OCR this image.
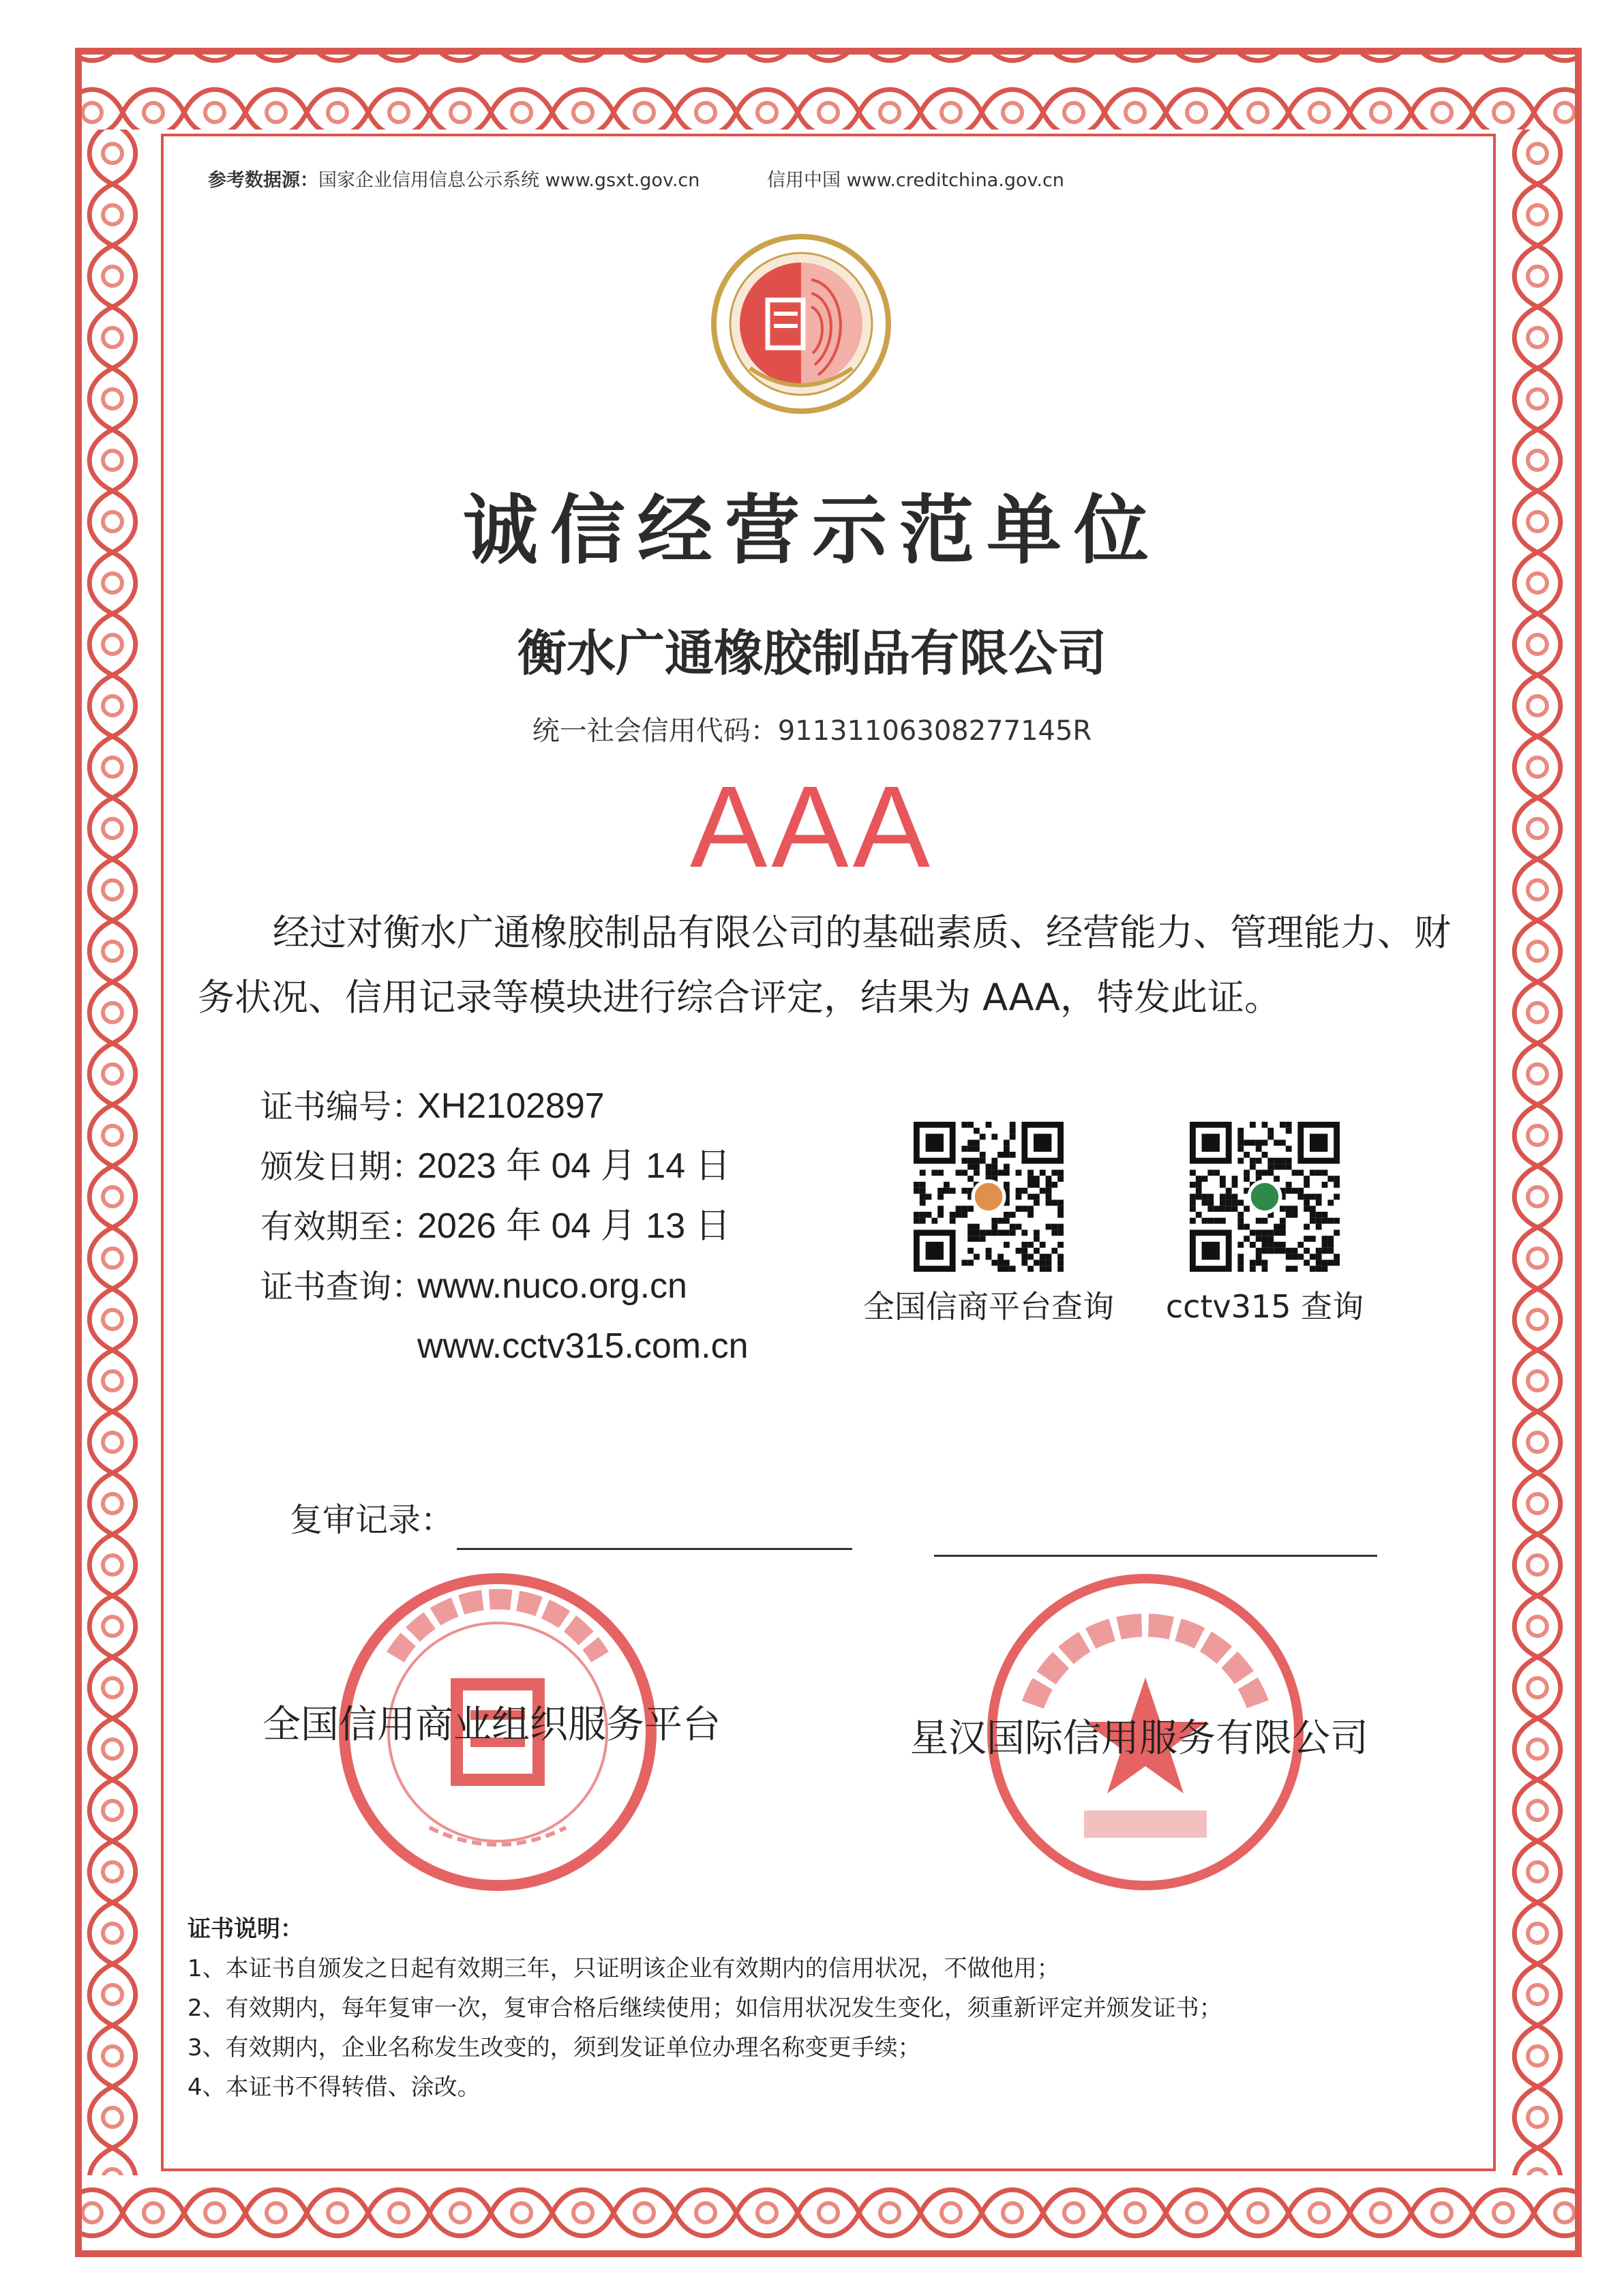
参考数据源：国家企业信用信息公示系统 www.gsxt.gov.cn	信用中国 www.creditchina.gov.cn
诚信经营示范单位
衡水广通橡胶制品有限公司
统一社会信用代码：91131106308277145R
AAA
经过对衡水广通橡胶制品有限公司的基础素质、经营能力、管理能力、财务状况、信用记录等模块进行综合评定，结果为 AAA，特发此证。
证书编号：XH2102897
颁发日期：2023 年 04 月 14 日
有效期至：2026 年 04 月 13 日
证书查询：www.nuco.org.cn
www.cctv315.com.cn
全国信商平台查询	cctv315 查询
复审记录：
全国信用商业组织服务平台	星汉国际信用服务有限公司
证书说明：
1、本证书自颁发之日起有效期三年，只证明该企业有效期内的信用状况，不做他用；
2、有效期内，每年复审一次，复审合格后继续使用；如信用状况发生变化，须重新评定并颁发证书；
3、有效期内，企业名称发生改变的，须到发证单位办理名称变更手续；
4、本证书不得转借、涂改。
